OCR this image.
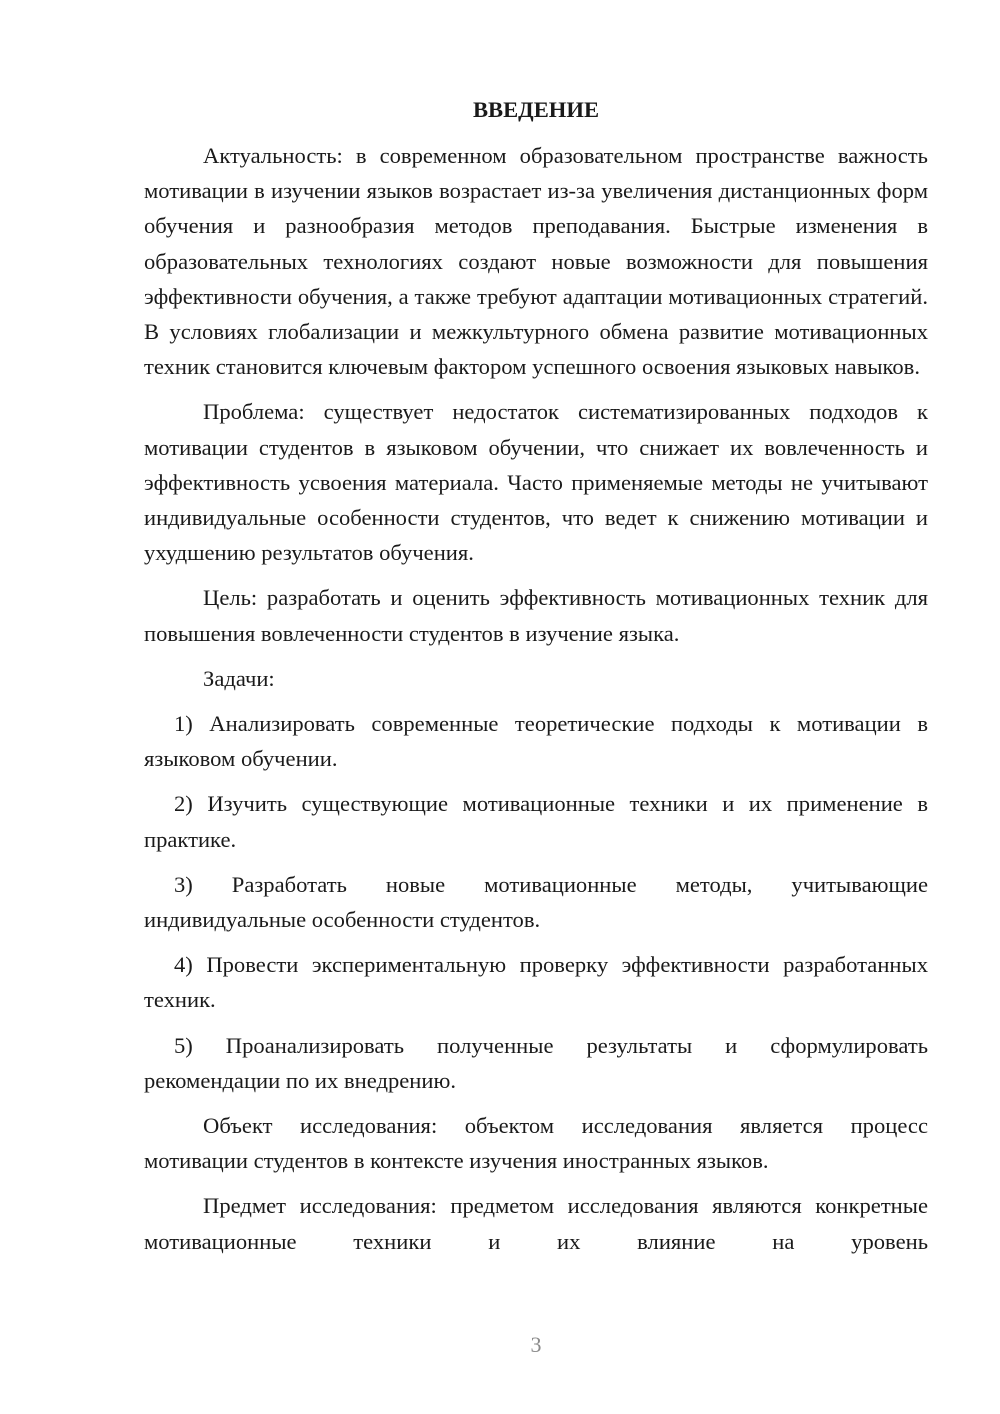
ВВЕДЕНИЕ

Актуальность: в современном образовательном пространстве важность мотивации в изучении языков возрастает из-за увеличения дистанционных форм обучения и разнообразия методов преподавания. Быстрые изменения в образовательных технологиях создают новые возможности для повышения эффективности обучения, а также требуют адаптации мотивационных стратегий. В условиях глобализации и межкультурного обмена развитие мотивационных техник становится ключевым фактором успешного освоения языковых навыков.

Проблема: существует недостаток систематизированных подходов к мотивации студентов в языковом обучении, что снижает их вовлеченность и эффективность усвоения материала. Часто применяемые методы не учитывают индивидуальные особенности студентов, что ведет к снижению мотивации и ухудшению результатов обучения.

Цель: разработать и оценить эффективность мотивационных техник для повышения вовлеченности студентов в изучение языка.

Задачи:

1) Анализировать современные теоретические подходы к мотивации в языковом обучении.

2) Изучить существующие мотивационные техники и их применение в практике.

3) Разработать новые мотивационные методы, учитывающие индивидуальные особенности студентов.

4) Провести экспериментальную проверку эффективности разработанных техник.

5) Проанализировать полученные результаты и сформулировать рекомендации по их внедрению.

Объект исследования: объектом исследования является процесс мотивации студентов в контексте изучения иностранных языков.

Предмет исследования: предметом исследования являются конкретные мотивационные техники и их влияние на уровень

3
